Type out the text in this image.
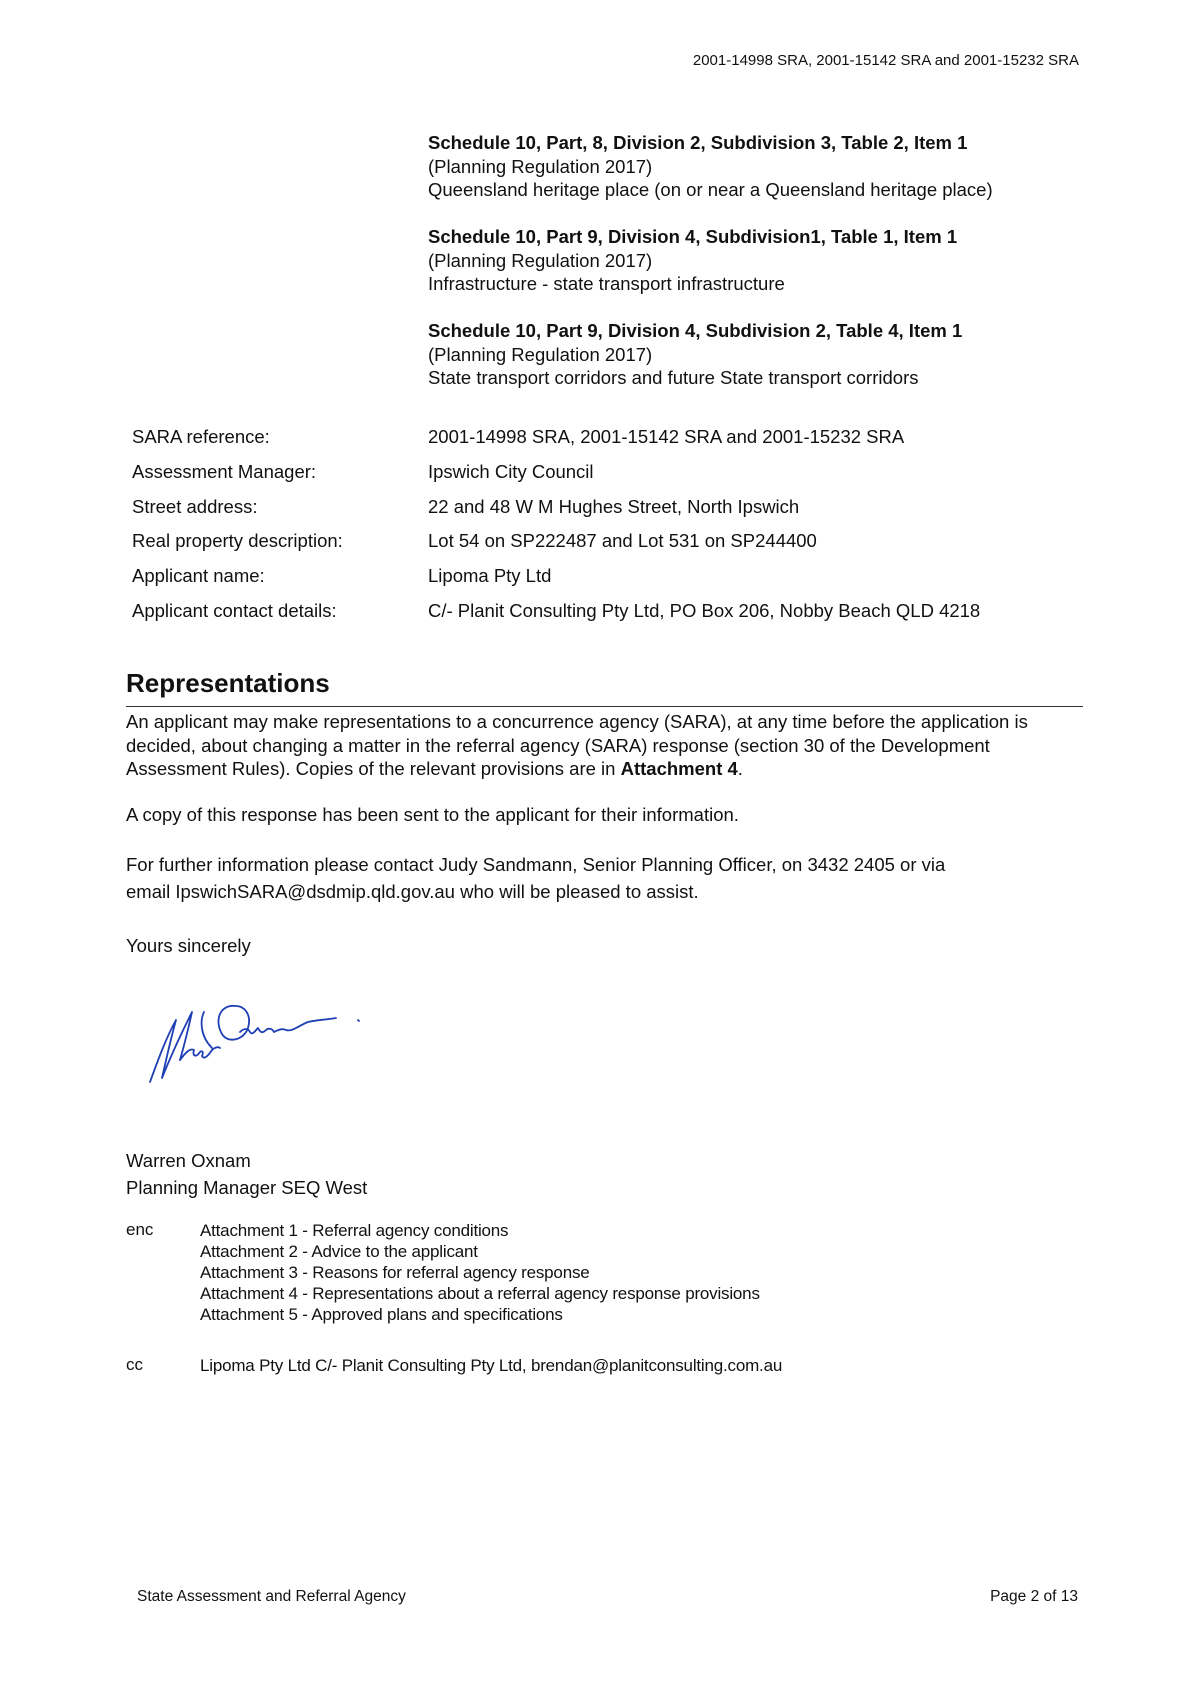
2001-14998 SRA, 2001-15142 SRA and 2001-15232 SRA
Schedule 10, Part, 8, Division 2, Subdivision 3, Table 2, Item 1
(Planning Regulation 2017)
Queensland heritage place (on or near a Queensland heritage place)
Schedule 10, Part 9, Division 4, Subdivision1, Table 1, Item 1
(Planning Regulation 2017)
Infrastructure - state transport infrastructure
Schedule 10, Part 9, Division 4, Subdivision 2, Table 4, Item 1
(Planning Regulation 2017)
State transport corridors and future State transport corridors
SARA reference:	2001-14998 SRA, 2001-15142 SRA and 2001-15232 SRA
Assessment Manager:	Ipswich City Council
Street address:	22 and 48 W M Hughes Street, North Ipswich
Real property description:	Lot 54 on SP222487 and Lot 531 on SP244400
Applicant name:	Lipoma Pty Ltd
Applicant contact details:	C/- Planit Consulting Pty Ltd, PO Box 206, Nobby Beach QLD 4218
Representations
An applicant may make representations to a concurrence agency (SARA), at any time before the application is decided, about changing a matter in the referral agency (SARA) response (section 30 of the Development Assessment Rules). Copies of the relevant provisions are in Attachment 4.
A copy of this response has been sent to the applicant for their information.
For further information please contact Judy Sandmann, Senior Planning Officer, on 3432 2405 or via
email IpswichSARA@dsdmip.qld.gov.au who will be pleased to assist.
Yours sincerely
Warren Oxnam
Planning Manager SEQ West
enc	Attachment 1 - Referral agency conditions
Attachment 2 - Advice to the applicant
Attachment 3 - Reasons for referral agency response
Attachment 4 - Representations about a referral agency response provisions
Attachment 5 - Approved plans and specifications
cc	Lipoma Pty Ltd C/- Planit Consulting Pty Ltd, brendan@planitconsulting.com.au
State Assessment and Referral Agency	Page 2 of 13
